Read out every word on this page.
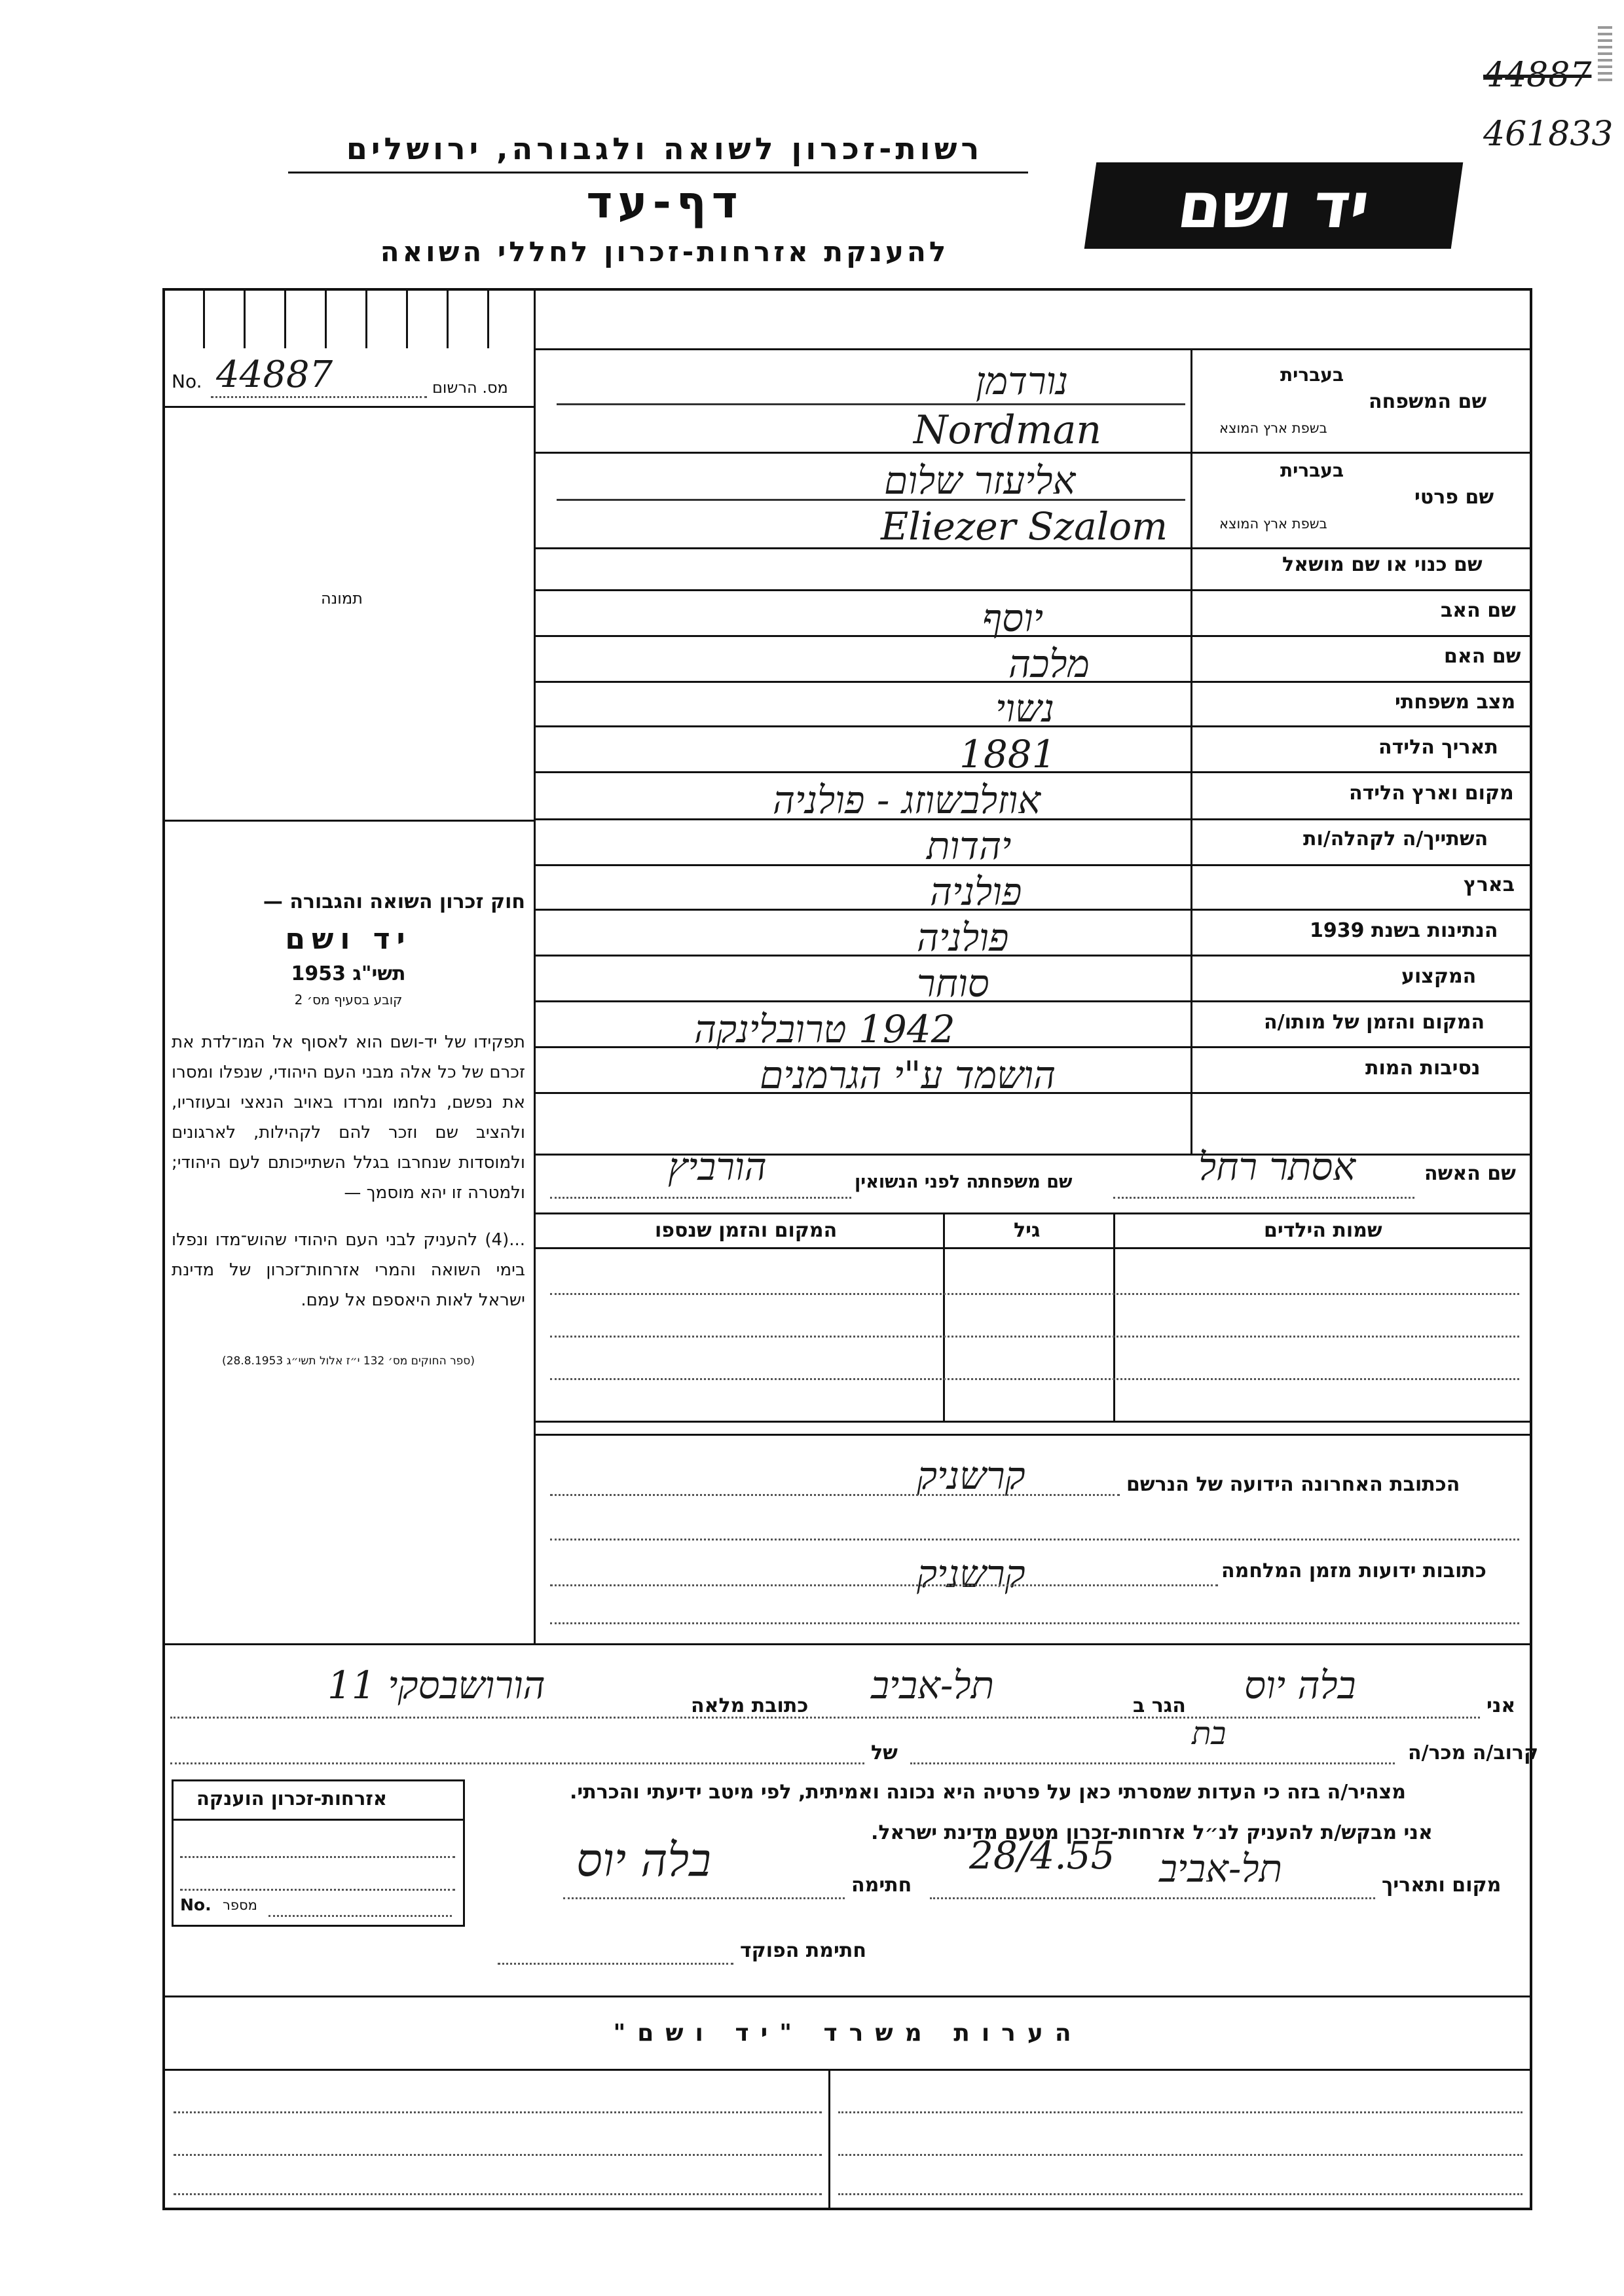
44887
461833
רשות-זכרון לשואה ולגבורה, ירושלים
דף-עד
להענקת אזרחות-זכרון לחללי השואה
יד ושם
No. 44887	מס. הרשום
תמונה
שם המשפחה
בעברית
בשפת ארץ המוצא
נורדמן
Nordman
שם פרטי
בעברית
בשפת ארץ המוצא
אליעזר שלום
Eliezer Szalom
שם כנוי או שם מושאל
שם האב
יוסף
שם האם
מלכה
מצב משפחתי
נשוי
תאריך הלידה
1881
מקום וארץ הלידה
אוזלבשוזג - פולניה
השתייך/ה לקהלה/ות
יהדות
בארץ
פולניה
הנתינות בשנת 1939
פולניה
המקצוע
סוחר
המקום והזמן של מותו/ה
1942 טרובלינקה
נסיבות המות
הושמד ע"י הגרמנים
שם האשה
אסתר רחל
שם משפחתה לפני הנשואין
הורביץ
שמות הילדים
גיל
המקום והזמן שנספו
חוק זכרון השואה והגבורה —
יד ושם
תשי"ג 1953
קובע בסעיף מס׳ 2

תפקידו של יד-ושם הוא לאסוף אל המו־לדת את זכרם של כל אלה מבני העם היהודי, שנפלו ומסרו את נפשם, נלחמו ומרדו באויב הנאצי ובעוזריו, ולהציב שם וזכר להם לקהילות, לארגונים ולמוסדות שנחרבו בגלל השתייכותם לעם היהודי; ולמטרה זו יהא מוסמך —

...(4) להעניק לבני העם היהודי שהוש־מדו ונפלו בימי השואה והמרי אזרחות־זכרון של מדינת ישראל לאות היאספם אל עמם.

(ספר החוקים מס׳ 132 י״ז אלול תשי״ג 28.8.1953)
הכתובת האחרונה הידועה של הנרשם
קרשניק
כתובות ידועות מזמן המלחמה
קרשניק
אני
בלה יוס
הגר ב
תל-אביב
כתובת מלאה
הורושבסקי 11
קרוב/ה מכר/ה
בת
של
מצהיר/ה בזה כי העדות שמסרתי כאן על פרטיה היא נכונה ואמיתית, לפי מיטב ידיעתי והכרתי.
אני מבקש/ת להעניק לנ״ל אזרחות-זכרון מטעם מדינת ישראל.
מקום ותאריך
תל-אביב
28/4.55
חתימה
בלה יוס
חתימת הפוקד
אזרחות-זכרון הוענקה
No. מספר
הערות משרד "יד ושם"
